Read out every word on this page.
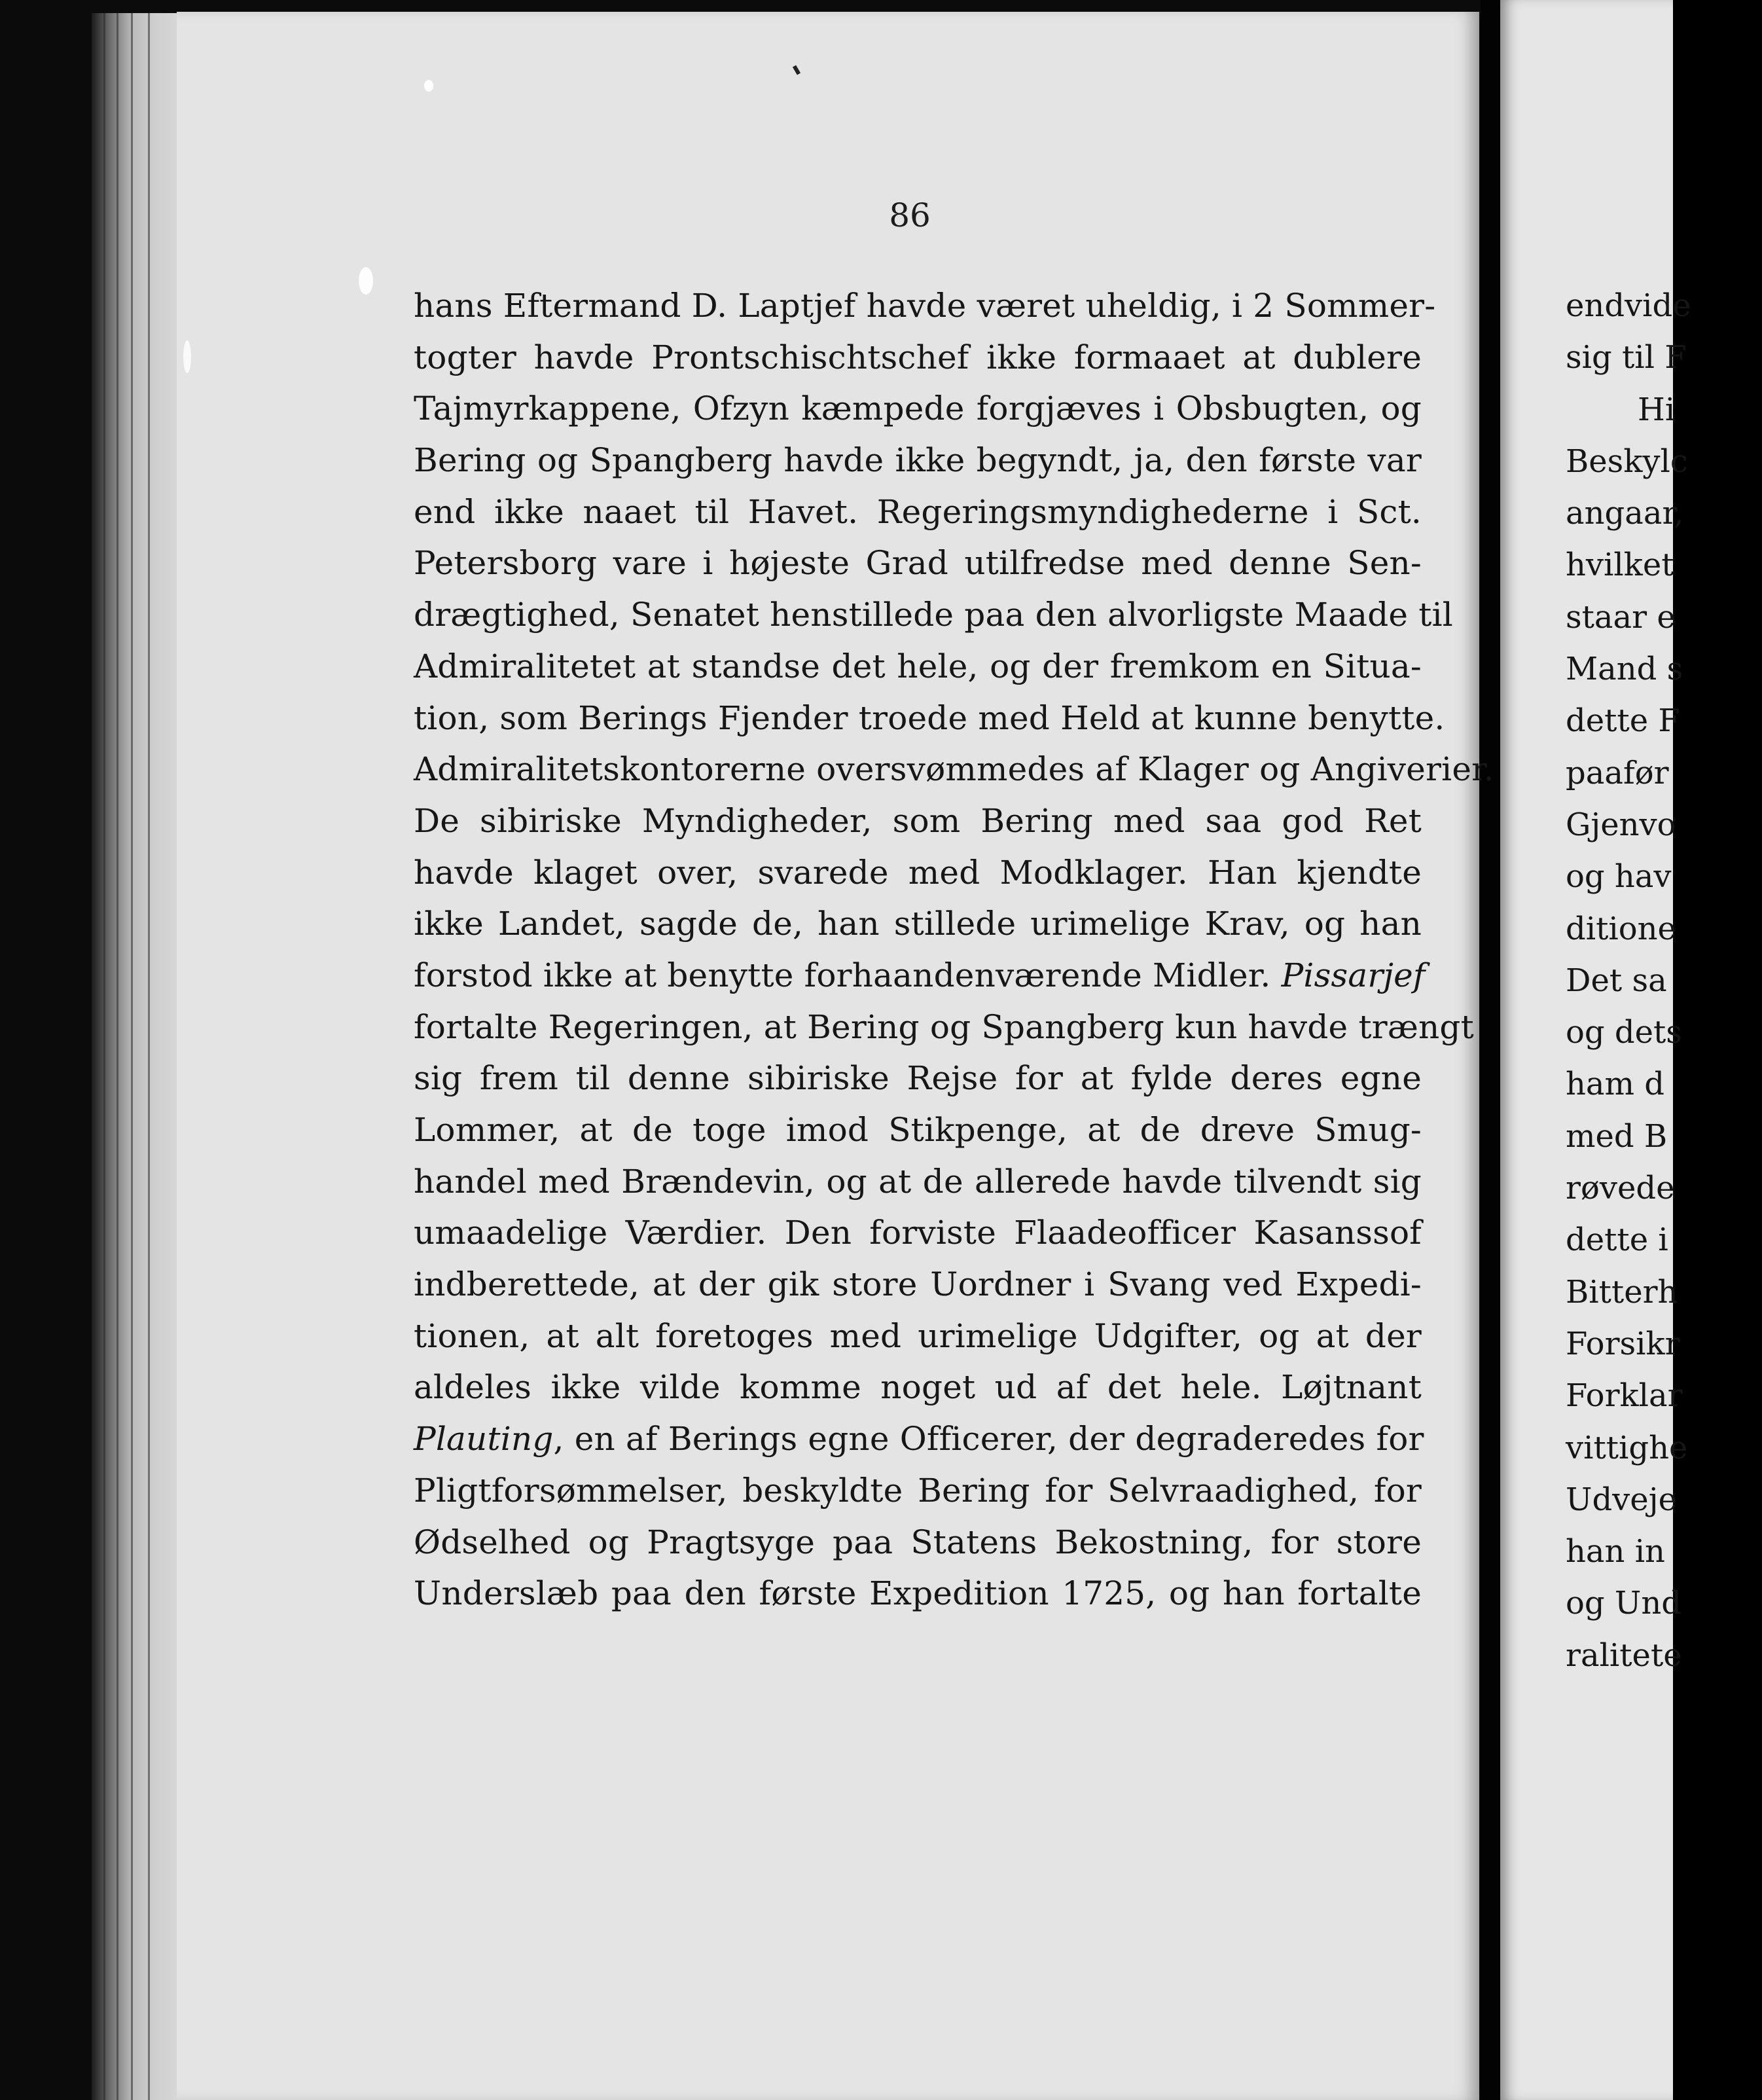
86
hans Eftermand D. Laptjef havde været uheldig, i 2 Sommer-
togter havde Prontschischtschef ikke formaaet at dublere
Tajmyrkappene, Ofzyn kæmpede forgjæves i Obsbugten, og
Bering og Spangberg havde ikke begyndt, ja, den første var
end ikke naaet til Havet. Regeringsmyndighederne i Sct.
Petersborg vare i højeste Grad utilfredse med denne Sen-
drægtighed, Senatet henstillede paa den alvorligste Maade til
Admiralitetet at standse det hele, og der fremkom en Situa-
tion, som Berings Fjender troede med Held at kunne benytte.
Admiralitetskontorerne oversvømmedes af Klager og Angiverier.
De sibiriske Myndigheder, som Bering med saa god Ret
havde klaget over, svarede med Modklager. Han kjendte
ikke Landet, sagde de, han stillede urimelige Krav, og han
forstod ikke at benytte forhaandenværende Midler. Pissarjef
fortalte Regeringen, at Bering og Spangberg kun havde trængt
sig frem til denne sibiriske Rejse for at fylde deres egne
Lommer, at de toge imod Stikpenge, at de dreve Smug-
handel med Brændevin, og at de allerede havde tilvendt sig
umaadelige Værdier. Den forviste Flaadeofficer Kasanssof
indberettede, at der gik store Uordner i Svang ved Expedi-
tionen, at alt foretoges med urimelige Udgifter, og at der
aldeles ikke vilde komme noget ud af det hele. Løjtnant
Plauting, en af Berings egne Officerer, der degraderedes for
Pligtforsømmelser, beskyldte Bering for Selvraadighed, for
Ødselhed og Pragtsyge paa Statens Bekostning, for store
Underslæb paa den første Expedition 1725, og han fortalte
endvide
sig til F
Hi
Beskylc
angaar,
hvilket
staar e
Mand s
dette F
paafør
Gjenvo
og hav
ditione
Det sa
og dets
ham d
med B
røvede
dette i
Bitterh
Forsikr
Forklar
vittighe
Udveje
han in
og Und
ralitete
